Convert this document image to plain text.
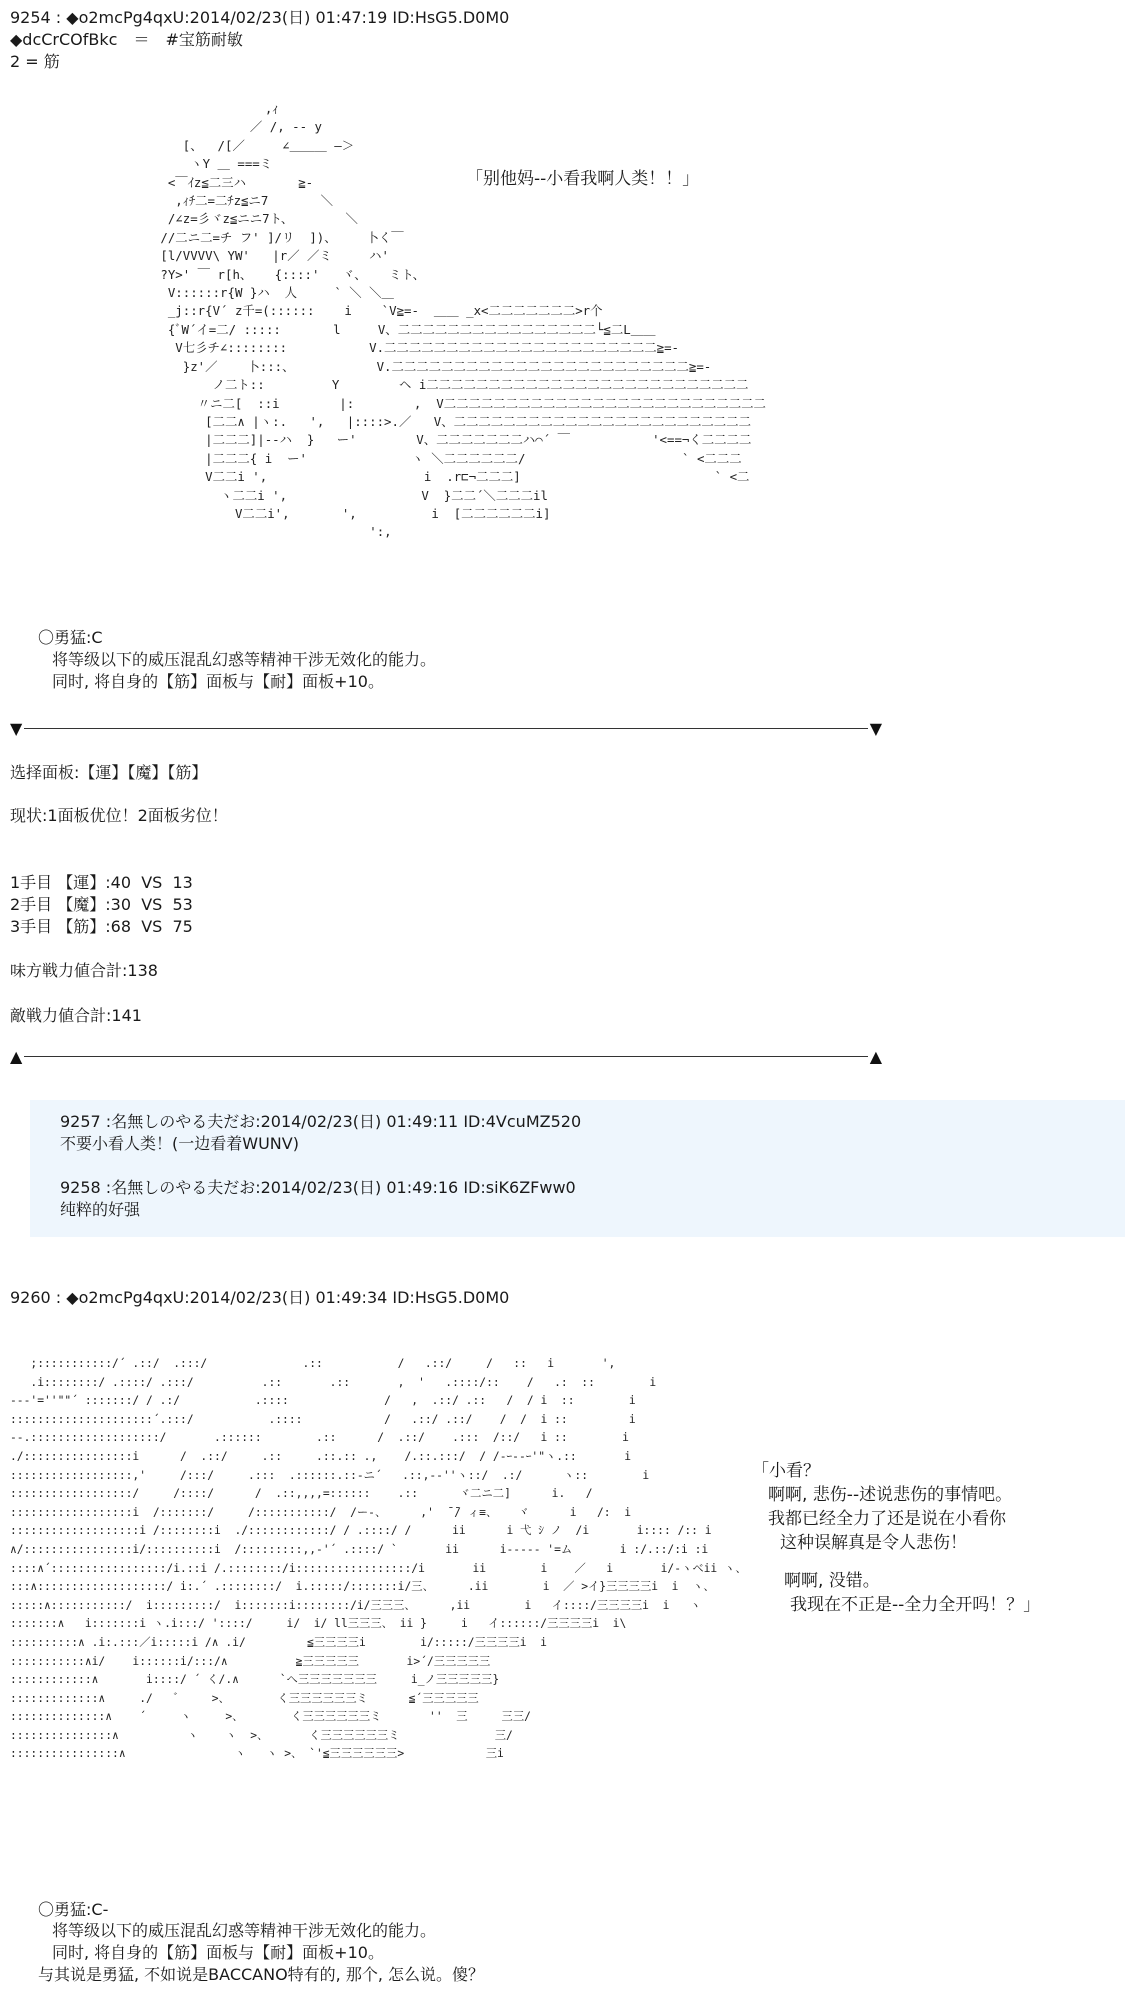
9254 : ◆o2mcPg4qxU:2014/02/23(日) 01:47:19 ID:HsG5.D0M0
◆dcCrCOfBkc　＝　#宝筋耐敏
2 = 筋
,ｨ
／ /, ‐‐ y
[、  /[／     ∠＿＿＿ ―＞
ヽY ＿ ===ミ
<￣ｲz≦二三ハ       ≧-
,ｨﾁ二=二ﾁz≦ニ7       ＼
/∠z=彡ヾz≦ニニ7ト、       ＼
//二ニ二=チ フ' ]/リ  ])、    卜く￣
[l/VVVV\ YW'   |r／ ／ミ     ハ'
?Y>' ￣ r[h、   {::::'   ヾ、   ミト、
V::::::r{W }ハ  人     ` ＼ ＼＿
_j::r{V´ z千=(::::::    i    `V≧=-  ＿＿ _x<二二二二二二二>r个
{ﾞW´イ=二/ :::::       l     V、二二二二二二二二二二二二二二二二└≦二L＿＿
V七彡チ∠::::::::           V.二二二二二二二二二二二二二二二二二二二二二二≧=-
}z'／    卜:::、           V.二二二二二二二二二二二二二二二二二二二二二二二二≧=-
ノ二ト::         Y        ヘ i二二二二二二二二二二二二二二二二二二二二二二二二二二
〃ニ二[  ::i        |:        ,  V二二二二二二二二二二二二二二二二二二二二二二二二二二
[二二∧ |ヽ:.   ',   |::::>.／   V、二二二二二二二二二二二二二二二二二二二二二二二二
|二二二]|--ハ  }   ー'        V、二二二二二二二ハ⌒´ ￣           '<==¬く二二二二
|二二二{ i  ー'              ヽ ＼二二二二二二/                     ` <二二二
V二二i ',                     i  .r⊏¬二二二]                          ` <二
ヽ二二i ',                  V  }二二´＼二二二il
V二二i',       ',          i  [二二二二二二i]
':,
「别他妈--小看我啊人类！！」
〇勇猛:C
将等级以下的威压混乱幻惑等精神干涉无效化的能力。
同时, 将自身的【筋】面板与【耐】面板+10。
▼	▼
选择面板:【運】【魔】【筋】
现状:1面板优位！2面板劣位！
1手目 【運】:40  VS  13
2手目 【魔】:30  VS  53
3手目 【筋】:68  VS  75
味方戦力値合計:138
敵戦力値合計:141
▲	▲
9257 :名無しのやる夫だお:2014/02/23(日) 01:49:11 ID:4VcuMZ520
不要小看人类！(一边看着WUNV)
9258 :名無しのやる夫だお:2014/02/23(日) 01:49:16 ID:siK6ZFww0
纯粹的好强
9260 : ◆o2mcPg4qxU:2014/02/23(日) 01:49:34 ID:HsG5.D0M0
;:::::::::::/´ .::/  .:::/              .::           /   .::/     /   ::   i       ',
.i::::::::/ .::::/ .:::/          .::       .::       ,  '   .::::/::    /   .:  ::        i
---'=''""´ :::::::/ / .:/           .::::              /   ,  .::/ .::   /  / i  ::        i
:::::::::::::::::::::´.:::/           .::::            /   .::/ .::/    /  /  i ::         i
--.:::::::::::::::::::/       .::::::        .::      /  .::/    .:::  /::/   i ::        i
./::::::::::::::::i      /  .::/     .::     .::.:: .,    /.::.:::/  / /-ｰ--ｰ'"ヽ.::       i
::::::::::::::::::,'     /:::/     .:::  .::::::.::-ニ´   .::,-‐''ヽ::/  .:/      ヽ::        i
::::::::::::::::::/     /::::/      /  .::,,,,=::::::    .::      ヾ二ニ二]      i.   /
::::::::::::::::::i  /:::::::/     /:::::::::::/  /ー-、     ,'  ̄ ̄/ ィ≡、   ヾ      i   /:  i
:::::::::::::::::::i /::::::::i  ./::::::::::::/ / .::::/ /      ii      i 弋 ｼ ノ  /i       i:::: /:: i
∧/::::::::::::::::i/::::::::::i  /:::::::::,,-'´ .::::/ `       ii      i----- '=ム       i :/.::/:i :i
::::∧´:::::::::::::::::/i.::i /.::::::::/i:::::::::::::::::/i       ii        i    ／   i       i/-ヽベii ヽ、
:::∧:::::::::::::::::::/ i:.´ .::::::::/  i.:::::/:::::::i/三、     .ii        i  ／ >イ}三三三三i  i  ヽ、
:::::∧:::::::::::/  i:::::::::/  i:::::::i::::::::/i/三三三、     ,ii        i   イ::::/三三三三i  i   ヽ
:::::::∧   i:::::::i ヽ.i:::/ '::::/     i/  i/ ll三三三、 ii }     i   イ::::::/三三三三i  i\
::::::::::∧ .i:.:::／i:::::i /∧ .i/         ≦三三三三i        i/:::::/三三三三i  i
:::::::::::∧i/    i::::::i/:::/∧          ≧三三三三三       i>´/三三三三三
::::::::::::∧       i::::/ ´ く/.∧      `へ三三三三三三三     i_ノ三三三三三}
:::::::::::::∧     ./   ゛    >、       く三三三三三三ミ      ≦´三三三三三
::::::::::::::∧    ´     ヽ     >、       く三三三三三三ミ       ''  三     三三/
:::::::::::::::∧          ヽ    ヽ  >、      く三三三三三三ミ              三/
::::::::::::::::∧                ヽ   ヽ >、 `'≦三三三三三三>            三i
「小看？
啊啊, 悲伤--述说悲伤的事情吧。
我都已经全力了还是说在小看你
这种误解真是令人悲伤！
啊啊, 没错。
我现在不正是--全力全开吗！？」
〇勇猛:C-
将等级以下的威压混乱幻惑等精神干涉无效化的能力。
同时, 将自身的【筋】面板与【耐】面板+10。
与其说是勇猛, 不如说是BACCANO特有的, 那个, 怎么说。傻？
